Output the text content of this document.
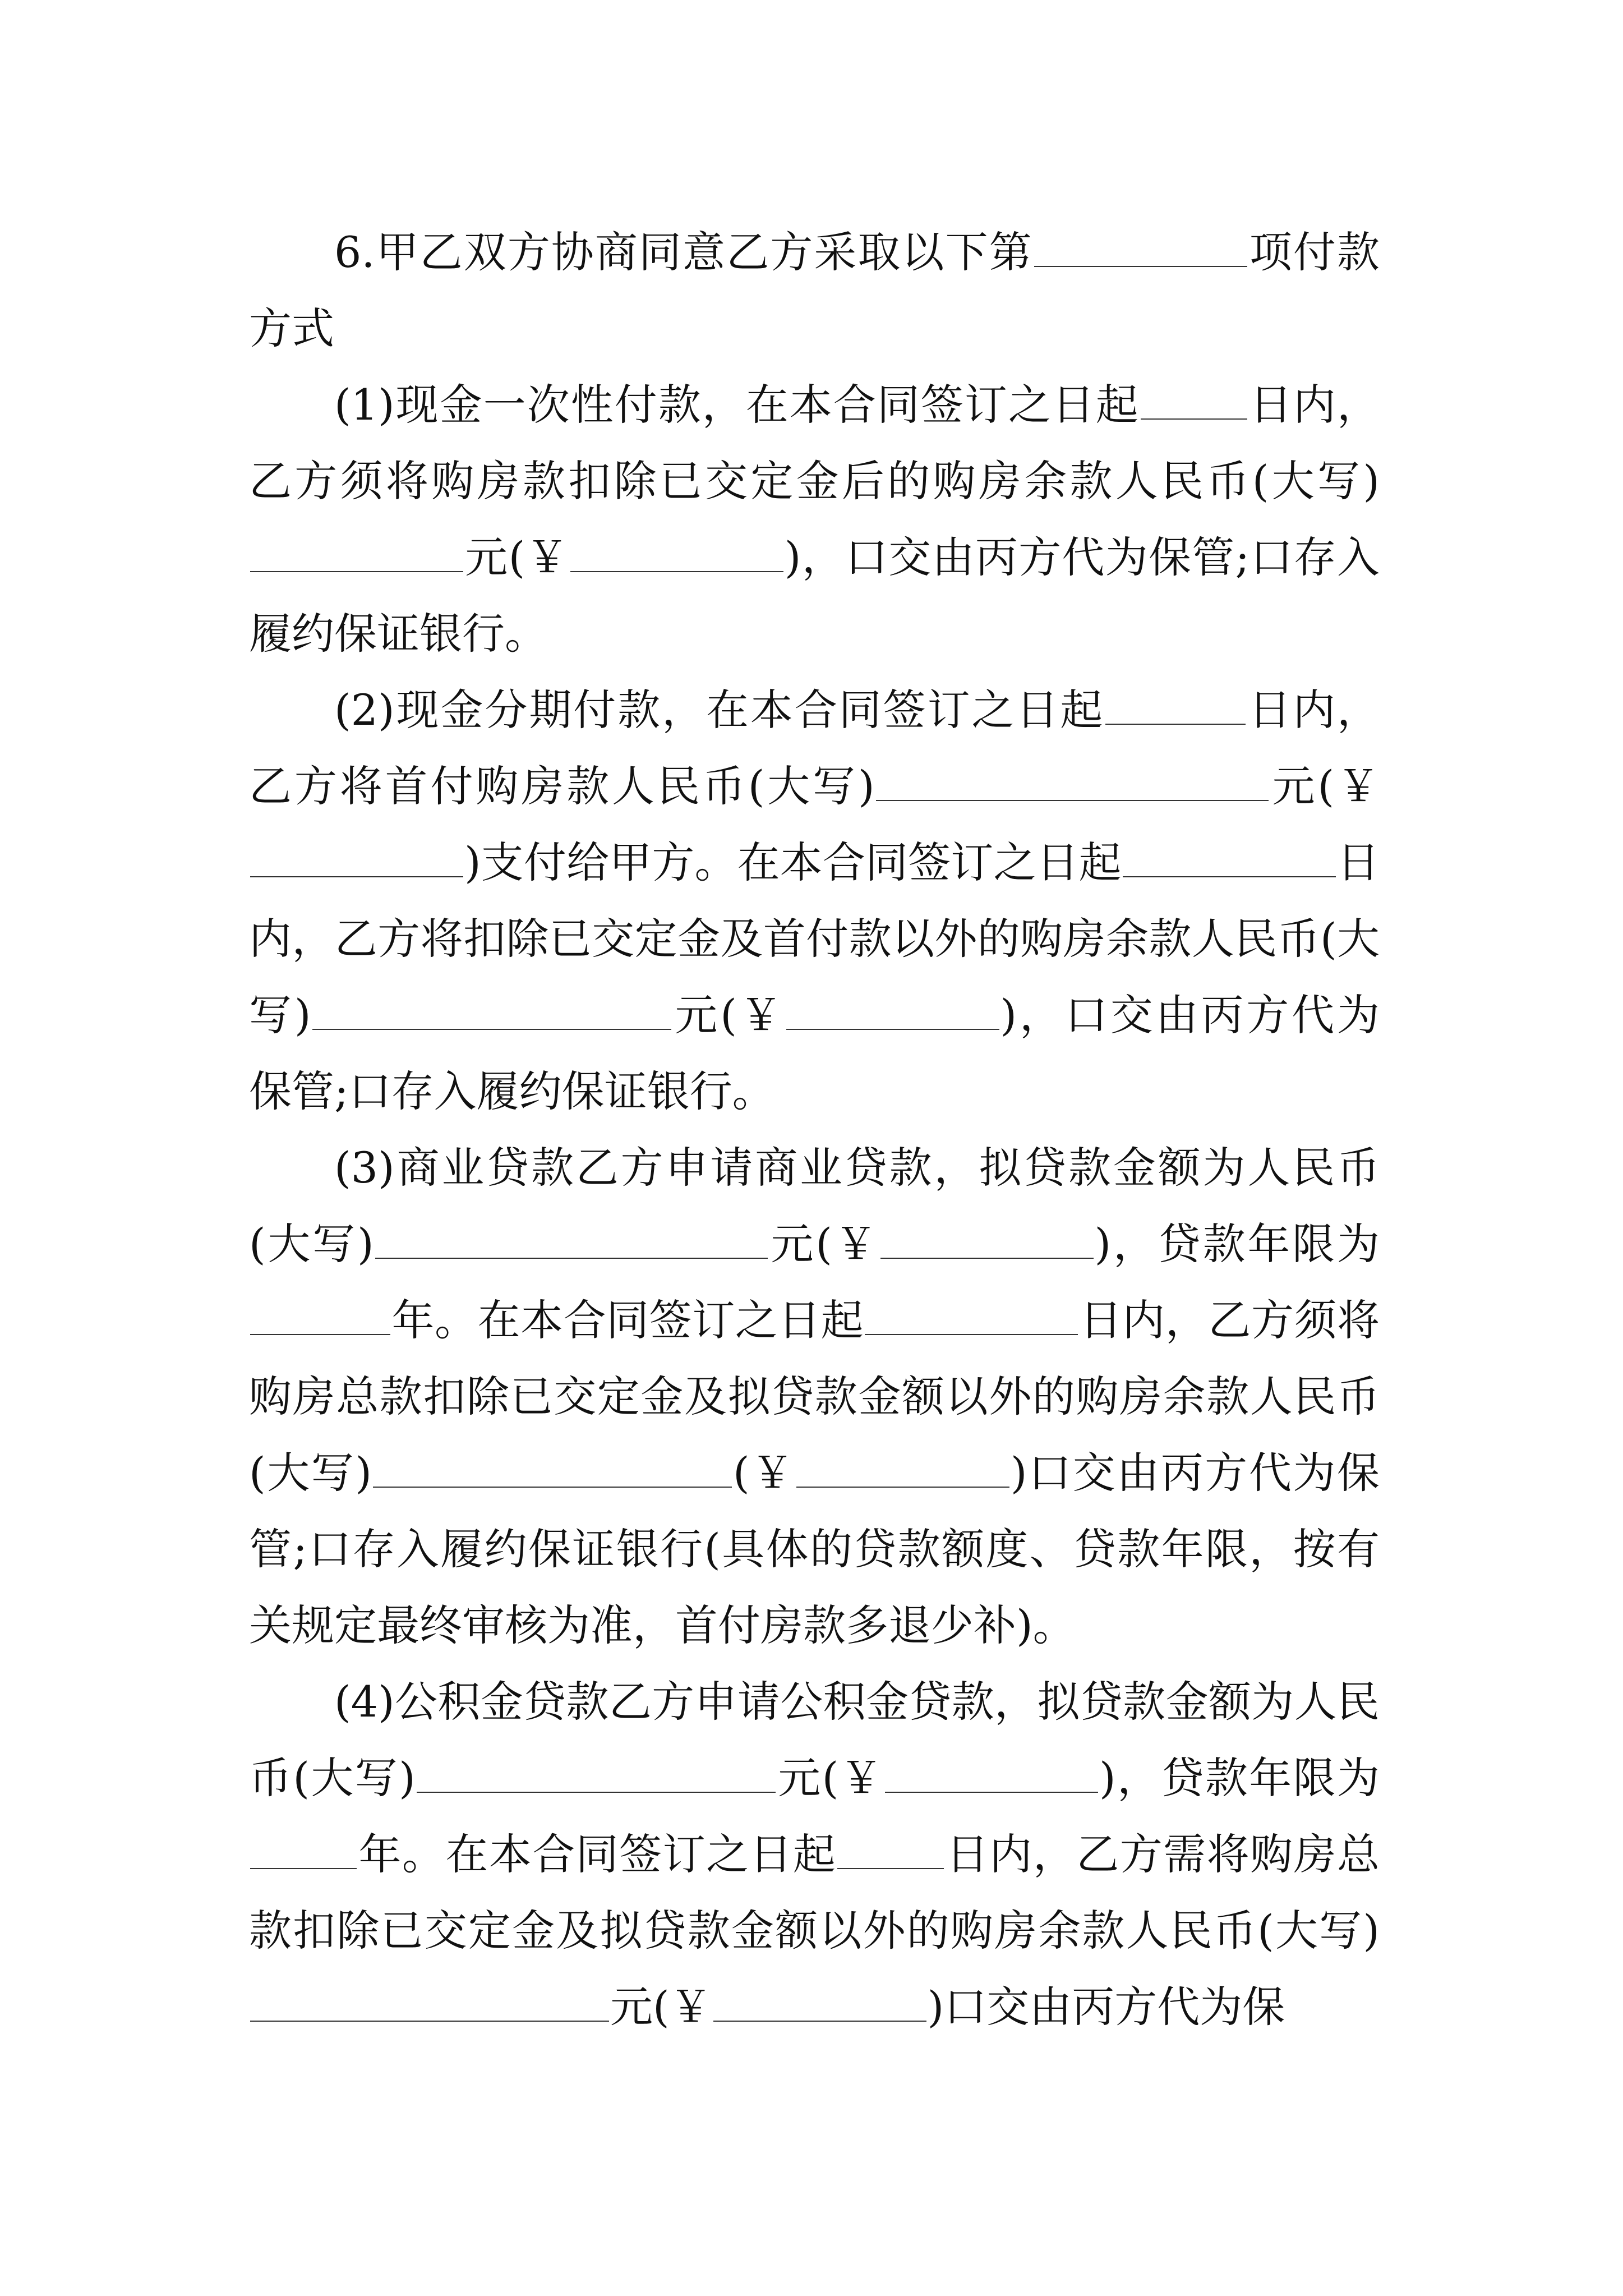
6.甲乙双方协商同意乙方采取以下第	项付款方式

(1)现金一次性付款，在本合同签订之日起	日内，乙方须将购房款扣除已交定金后的购房余款人民币(大写)元(￥	)，口交由丙方代为保管;口存入履约保证银行。

(2)现金分期付款，在本合同签订之日起	日内，乙方将首付购房款人民币(大写)	元(￥)支付给甲方。在本合同签订之日起	日内，乙方将扣除已交定金及首付款以外的购房余款人民币(大写)	元(￥	)，口交由丙方代为保管;口存入履约保证银行。

(3)商业贷款乙方申请商业贷款，拟贷款金额为人民币(大写)	元(￥	)，贷款年限为年。在本合同签订之日起	日内，乙方须将购房总款扣除已交定金及拟贷款金额以外的购房余款人民币(大写)	(￥	)口交由丙方代为保管;口存入履约保证银行(具体的贷款额度、贷款年限，按有关规定最终审核为准，首付房款多退少补)。

(4)公积金贷款乙方申请公积金贷款，拟贷款金额为人民币(大写)	元(￥	)，贷款年限为年。在本合同签订之日起	日内，乙方需将购房总款扣除已交定金及拟贷款金额以外的购房余款人民币(大写)元(￥	)口交由丙方代为保
